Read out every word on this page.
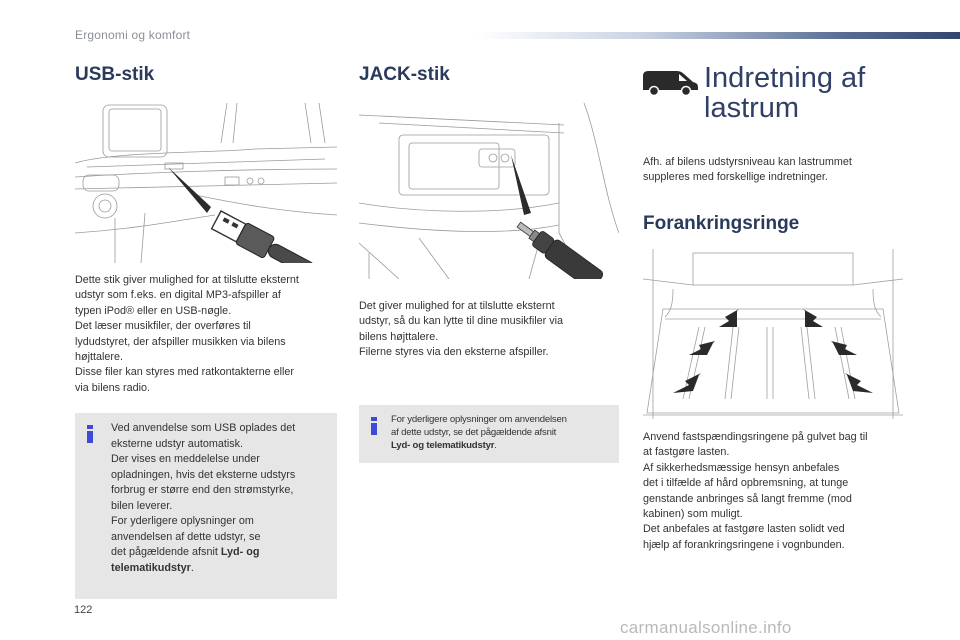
Ergonomi og komfort
USB-stik

Dette stik giver mulighed for at tilslutte eksternt

udstyr som f.eks. en digital MP3-afspiller af

typen iPod® eller en USB-nøgle.

Det læser musikfiler, der overføres til

lydudstyret, der afspiller musikken via bilens

højttalere.

Disse filer kan styres med ratkontakterne eller

via bilens radio.

Ved anvendelse som USB oplades det

eksterne udstyr automatisk.

Der vises en meddelelse under

opladningen, hvis det eksterne udstyrs

forbrug er større end den strømstyrke,

bilen leverer.

For yderligere oplysninger om

anvendelsen af dette udstyr, se

det pågældende afsnit Lyd- og

telematikudstyr.

JACK-stik

Det giver mulighed for at tilslutte eksternt

udstyr, så du kan lytte til dine musikfiler via

bilens højttalere.

Filerne styres via den eksterne afspiller.

For yderligere oplysninger om anvendelsen

af dette udstyr, se det pågældende afsnit

Lyd- og telematikudstyr.

Indretning af
lastrum

Afh. af bilens udstyrsniveau kan lastrummet

suppleres med forskellige indretninger.

Forankringsringe

Anvend fastspændingsringene på gulvet bag til

at fastgøre lasten.

Af sikkerhedsmæssige hensyn anbefales

det i tilfælde af hård opbremsning, at tunge

genstande anbringes så langt fremme (mod

kabinen) som muligt.

Det anbefales at fastgøre lasten solidt ved

hjælp af forankringsringene i vognbunden.

122
carmanualsonline.info
